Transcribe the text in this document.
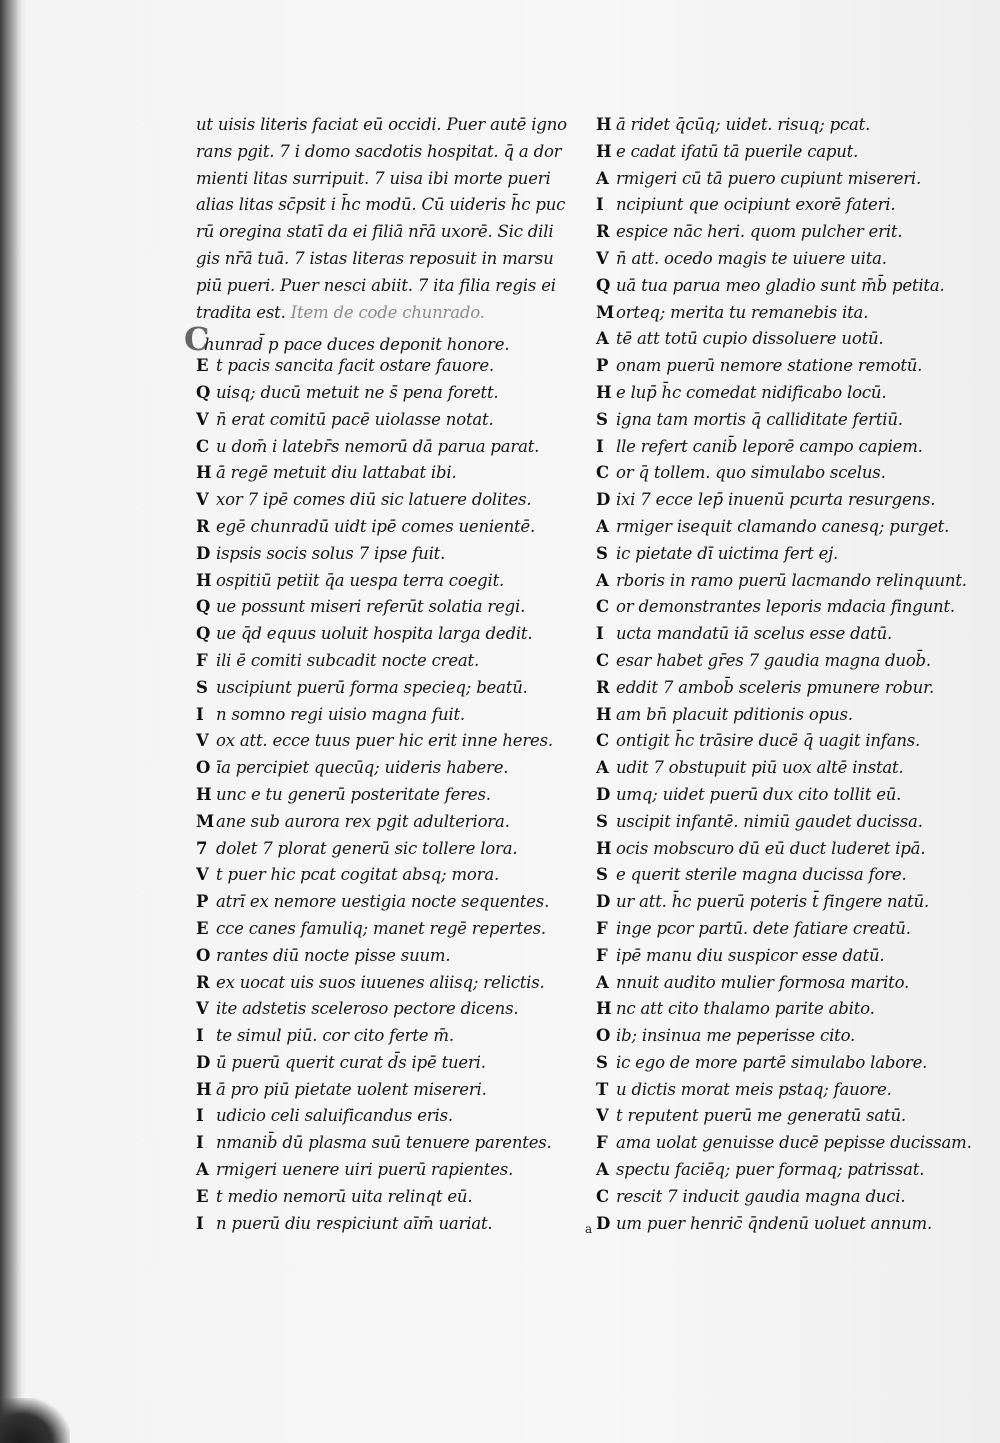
ut uisis literis faciat eū occidi. Puer autē igno
rans pgit. 7 i domo sacdotis hospitat. q̄ a dor
mienti litas surripuit. 7 uisa ibi morte pueri
alias litas sc̄psit i h̄c modū. Cū uideris h̄c puc
rū oregina statī da ei filiā nr̄ā uxorē. Sic dili
gis nr̄ā tuā. 7 istas literas reposuit in marsu
piū pueri. Puer nesci abiit. 7 ita filia regis ei
tradita est. Item de code chunrado.
Chunrad̄ p pace duces deponit honore.
E t pacis sancita facit ostare fauore.
Q uisq; ducū metuit ne s̄ pena forett.
V n̄ erat comitū pacē uiolasse notat.
C u dom̄ i latebr̄s nemorū dā parua parat.
H ā regē metuit diu lattabat ibi.
V xor 7 ipē comes diū sic latuere dolites.
R egē chunradū uidt ipē comes uenientē.
D ispsis socis solus 7 ipse fuit.
H ospitiū petiit q̄a uespa terra coegit.
Q ue possunt miseri referūt solatia regi.
Q ue q̄d equus uoluit hospita larga dedit.
F ili ē comiti subcadit nocte creat.
S uscipiunt puerū forma specieq; beatū.
I n somno regi uisio magna fuit.
V ox att. ecce tuus puer hic erit inne heres.
O īa percipiet quecūq; uideris habere.
H unc e tu generū posteritate feres.
M ane sub aurora rex pgit adulteriora.
7 dolet 7 plorat generū sic tollere lora.
V t puer hic pcat cogitat absq; mora.
P atrī ex nemore uestigia nocte sequentes.
E cce canes famuliq; manet regē repertes.
O rantes diū nocte pisse suum.
R ex uocat uis suos iuuenes aliisq; relictis.
V ite adstetis sceleroso pectore dicens.
I te simul piū. cor cito ferte m̄.
D ū puerū querit curat d̄s ipē tueri.
H ā pro piū pietate uolent misereri.
I udicio celi saluificandus eris.
I nmanib̄ dū plasma suū tenuere parentes.
A rmigeri uenere uiri puerū rapientes.
E t medio nemorū uita relinqt eū.
I n puerū diu respiciunt aīm̄ uariat.
H ā ridet q̄cūq; uidet. risuq; pcat.
H e cadat ifatū tā puerile caput.
A rmigeri cū tā puero cupiunt misereri.
I ncipiunt que ocipiunt exorē fateri.
R espice nāc heri. quom pulcher erit.
V n̄ att. ocedo magis te uiuere uita.
Q uā tua parua meo gladio sunt m̄b̄ petita.
M orteq; merita tu remanebis ita.
A tē att totū cupio dissoluere uotū.
P onam puerū nemore statione remotū.
H e lup̄ h̄c comedat nidificabo locū.
S igna tam mortis q̄ calliditate fertiū.
I lle refert canib̄ leporē campo capiem.
C or q̄ tollem. quo simulabo scelus.
D ixi 7 ecce lep̄ inuenū pcurta resurgens.
A rmiger isequit clamando canesq; purget.
S ic pietate dī uictima fert ej.
A rboris in ramo puerū lacmando relinquunt.
C or demonstrantes leporis mdacia fingunt.
I ucta mandatū iā scelus esse datū.
C esar habet gr̄es 7 gaudia magna duob̄.
R eddit 7 ambob̄ sceleris pmunere robur.
H am bn̄ placuit pditionis opus.
C ontigit h̄c trāsire ducē q̄ uagit infans.
A udit 7 obstupuit piū uox altē instat.
D umq; uidet puerū dux cito tollit eū.
S uscipit infantē. nimiū gaudet ducissa.
H ocis mobscuro dū eū duct luderet ipā.
S e querit sterile magna ducissa fore.
D ur att. h̄c puerū poteris t̄ fingere natū.
F inge pcor partū. dete fatiare creatū.
F ipē manu diu suspicor esse datū.
A nnuit audito mulier formosa marito.
H nc att cito thalamo parite abito.
O ib; insinua me peperisse cito.
S ic ego de more partē simulabo labore.
T u dictis morat meis pstaq; fauore.
V t reputent puerū me generatū satū.
F ama uolat genuisse ducē pepisse ducissam.
A spectu faciēq; puer formaq; patrissat.
C rescit 7 inducit gaudia magna duci.
D um puer henric̄ q̄ndenū uoluet annum.
a
